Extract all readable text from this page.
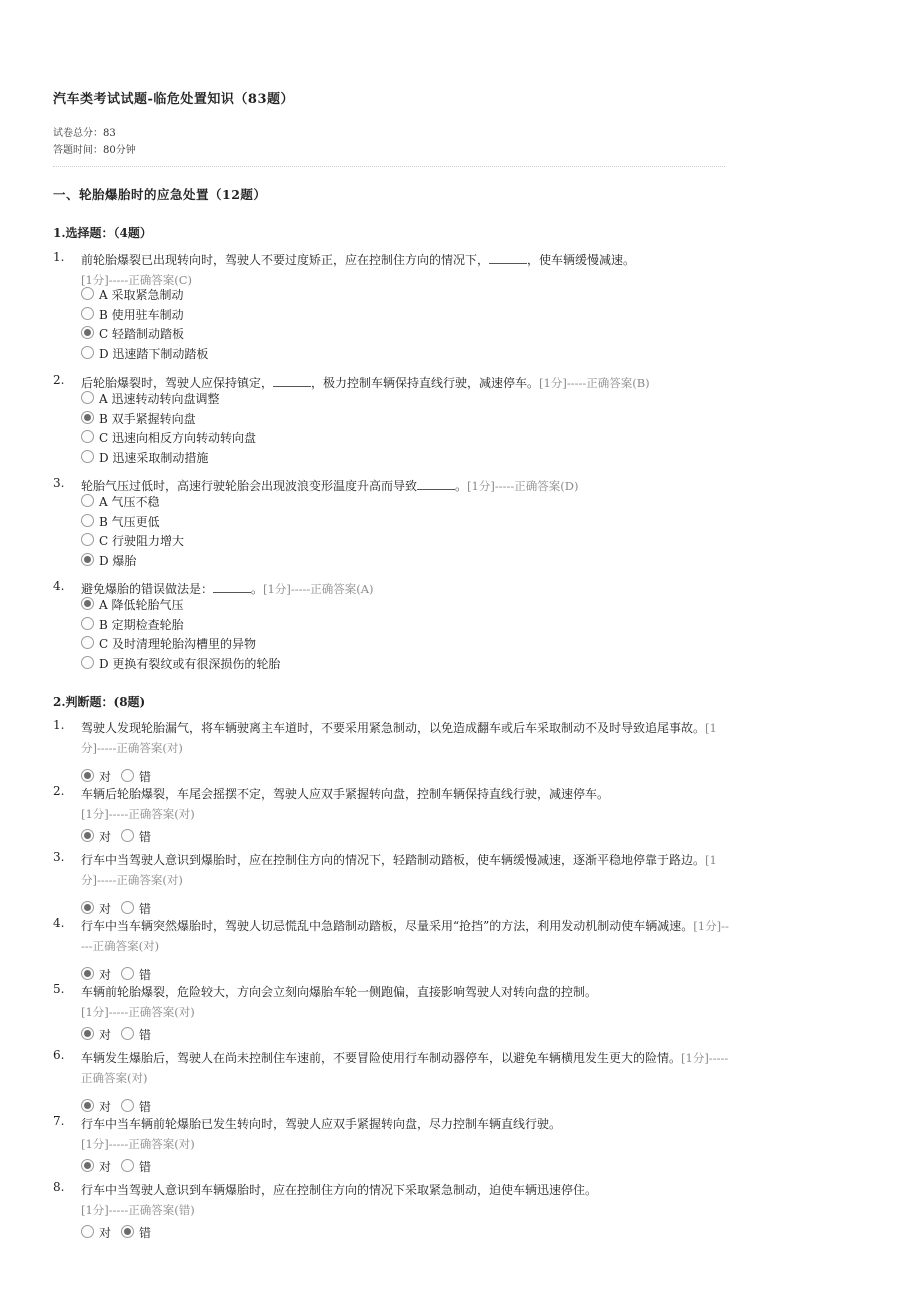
汽车类考试试题-临危处置知识（83题）
试卷总分：83
答题时间：80分钟
一、轮胎爆胎时的应急处置（12题）
1.选择题：（4题）
1.	前轮胎爆裂已出现转向时，驾驶人不要过度矫正，应在控制住方向的情况下，	，使车辆缓慢减速。
[1分]-----正确答案(C)
A 采取紧急制动
B 使用驻车制动
C 轻踏制动踏板
D 迅速踏下制动踏板
2.	后轮胎爆裂时，驾驶人应保持镇定，	，极力控制车辆保持直线行驶，减速停车。[1分]-----正确答案(B)
A 迅速转动转向盘调整
B 双手紧握转向盘
C 迅速向相反方向转动转向盘
D 迅速采取制动措施
3.	轮胎气压过低时，高速行驶轮胎会出现波浪变形温度升高而导致	。[1分]-----正确答案(D)
A 气压不稳
B 气压更低
C 行驶阻力增大
D 爆胎
4.	避免爆胎的错误做法是：	。[1分]-----正确答案(A)
A 降低轮胎气压
B 定期检查轮胎
C 及时清理轮胎沟槽里的异物
D 更换有裂纹或有很深损伤的轮胎
2.判断题：(8题)
1.	驾驶人发现轮胎漏气，将车辆驶离主车道时，不要采用紧急制动，以免造成翻车或后车采取制动不及时导致追尾事故。[1分]-----正确答案(对)
对 错
2.	车辆后轮胎爆裂，车尾会摇摆不定，驾驶人应双手紧握转向盘，控制车辆保持直线行驶，减速停车。
[1分]-----正确答案(对)
对 错
3.	行车中当驾驶人意识到爆胎时，应在控制住方向的情况下，轻踏制动踏板，使车辆缓慢减速，逐渐平稳地停靠于路边。[1分]-----正确答案(对)
对 错
4.	行车中当车辆突然爆胎时，驾驶人切忌慌乱中急踏制动踏板，尽量采用“抢挡”的方法，利用发动机制动使车辆减速。[1分]-----正确答案(对)
对 错
5.	车辆前轮胎爆裂，危险较大，方向会立刻向爆胎车轮一侧跑偏，直接影响驾驶人对转向盘的控制。
[1分]-----正确答案(对)
对 错
6.	车辆发生爆胎后，驾驶人在尚未控制住车速前，不要冒险使用行车制动器停车，以避免车辆横甩发生更大的险情。[1分]-----正确答案(对)
对 错
7.	行车中当车辆前轮爆胎已发生转向时，驾驶人应双手紧握转向盘，尽力控制车辆直线行驶。
[1分]-----正确答案(对)
对 错
8.	行车中当驾驶人意识到车辆爆胎时，应在控制住方向的情况下采取紧急制动，迫使车辆迅速停住。
[1分]-----正确答案(错)
对 错
